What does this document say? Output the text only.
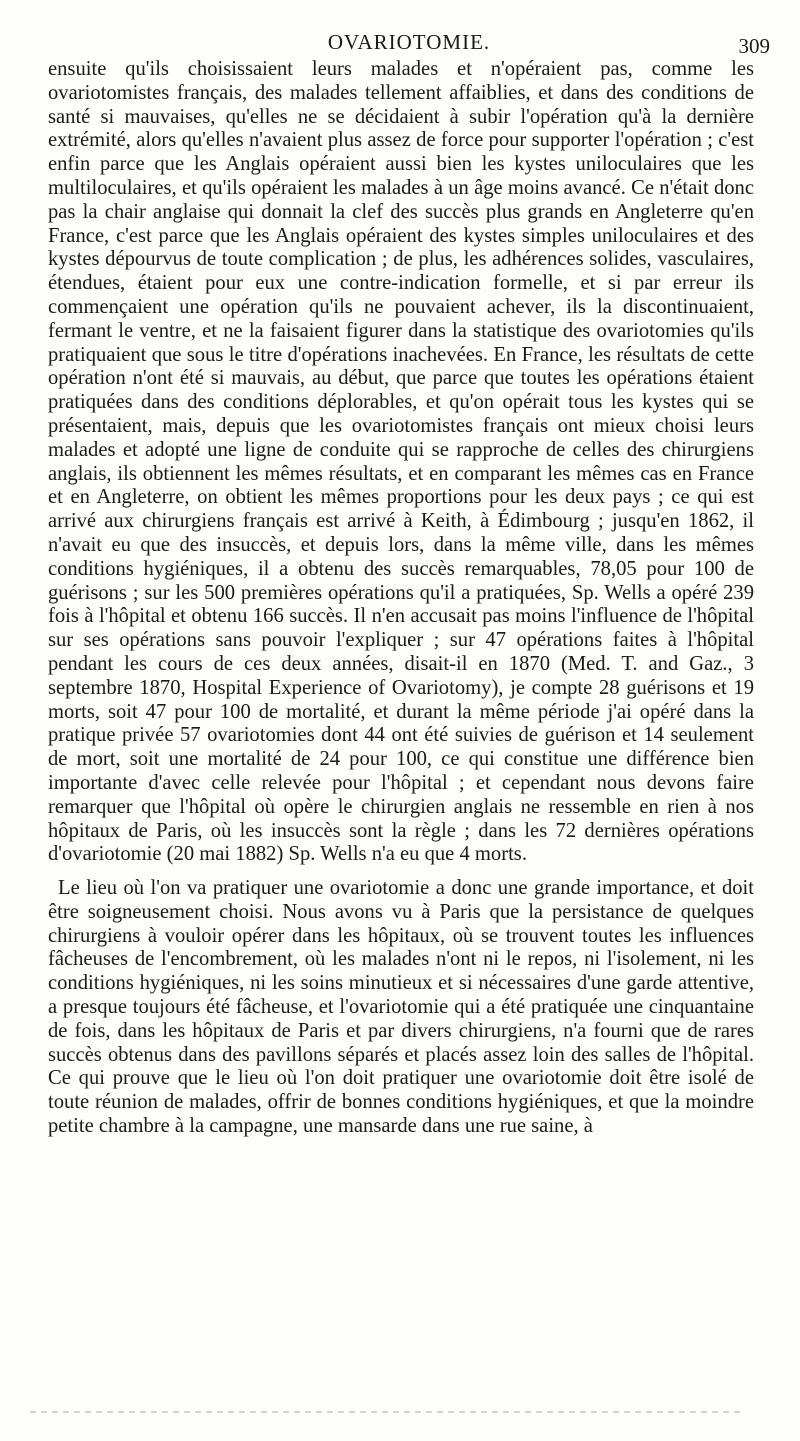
OVARIOTOMIE.	309

ensuite qu'ils choisissaient leurs malades et n'opéraient pas, comme les ovariotomistes français, des malades tellement affaiblies, et dans des conditions de santé si mauvaises, qu'elles ne se décidaient à subir l'opération qu'à la dernière extrémité, alors qu'elles n'avaient plus assez de force pour supporter l'opération ; c'est enfin parce que les Anglais opéraient aussi bien les kystes uniloculaires que les multiloculaires, et qu'ils opéraient les malades à un âge moins avancé. Ce n'était donc pas la chair anglaise qui donnait la clef des succès plus grands en Angleterre qu'en France, c'est parce que les Anglais opéraient des kystes simples uniloculaires et des kystes dépourvus de toute complication ; de plus, les adhérences solides, vasculaires, étendues, étaient pour eux une contre-indication formelle, et si par erreur ils commençaient une opération qu'ils ne pouvaient achever, ils la discontinuaient, fermant le ventre, et ne la faisaient figurer dans la statistique des ovariotomies qu'ils pratiquaient que sous le titre d'opérations inachevées. En France, les résultats de cette opération n'ont été si mauvais, au début, que parce que toutes les opérations étaient pratiquées dans des conditions déplorables, et qu'on opérait tous les kystes qui se présentaient, mais, depuis que les ovariotomistes français ont mieux choisi leurs malades et adopté une ligne de conduite qui se rapproche de celles des chirurgiens anglais, ils obtiennent les mêmes résultats, et en comparant les mêmes cas en France et en Angleterre, on obtient les mêmes proportions pour les deux pays ; ce qui est arrivé aux chirurgiens français est arrivé à Keith, à Édimbourg ; jusqu'en 1862, il n'avait eu que des insuccès, et depuis lors, dans la même ville, dans les mêmes conditions hygiéniques, il a obtenu des succès remarquables, 78,05 pour 100 de guérisons ; sur les 500 premières opérations qu'il a pratiquées, Sp. Wells a opéré 239 fois à l'hôpital et obtenu 166 succès. Il n'en accusait pas moins l'influence de l'hôpital sur ses opérations sans pouvoir l'expliquer ; sur 47 opérations faites à l'hôpital pendant les cours de ces deux années, disait-il en 1870 (Med. T. and Gaz., 3 septembre 1870, Hospital Experience of Ovariotomy), je compte 28 guérisons et 19 morts, soit 47 pour 100 de mortalité, et durant la même période j'ai opéré dans la pratique privée 57 ovariotomies dont 44 ont été suivies de guérison et 14 seulement de mort, soit une mortalité de 24 pour 100, ce qui constitue une différence bien importante d'avec celle relevée pour l'hôpital ; et cependant nous devons faire remarquer que l'hôpital où opère le chirurgien anglais ne ressemble en rien à nos hôpitaux de Paris, où les insuccès sont la règle ; dans les 72 dernières opérations d'ovariotomie (20 mai 1882) Sp. Wells n'a eu que 4 morts.

Le lieu où l'on va pratiquer une ovariotomie a donc une grande importance, et doit être soigneusement choisi. Nous avons vu à Paris que la persistance de quelques chirurgiens à vouloir opérer dans les hôpitaux, où se trouvent toutes les influences fâcheuses de l'encombrement, où les malades n'ont ni le repos, ni l'isolement, ni les conditions hygiéniques, ni les soins minutieux et si nécessaires d'une garde attentive, a presque toujours été fâcheuse, et l'ovariotomie qui a été pratiquée une cinquantaine de fois, dans les hôpitaux de Paris et par divers chirurgiens, n'a fourni que de rares succès obtenus dans des pavillons séparés et placés assez loin des salles de l'hôpital. Ce qui prouve que le lieu où l'on doit pratiquer une ovariotomie doit être isolé de toute réunion de malades, offrir de bonnes conditions hygiéniques, et que la moindre petite chambre à la campagne, une mansarde dans une rue saine, à
